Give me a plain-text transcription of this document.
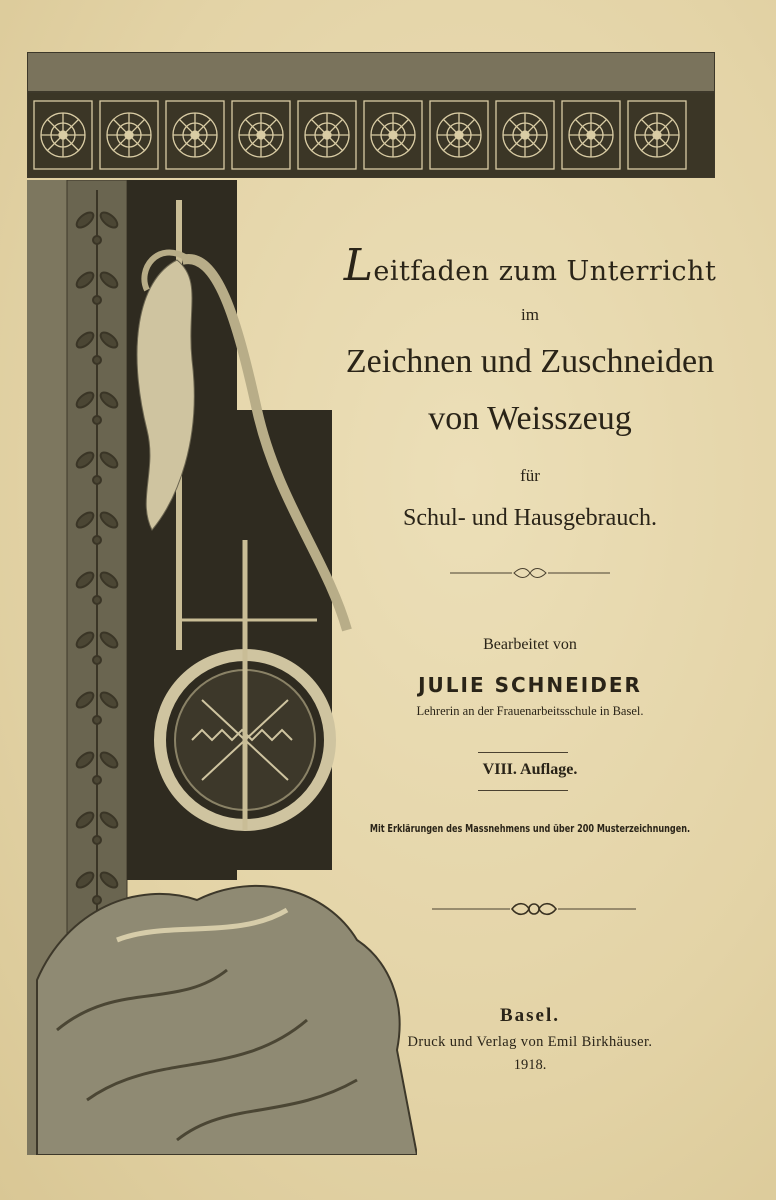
Leitfaden zum Unterricht
im
Zeichnen und Zuschneiden
von Weisszeug
für
Schul- und Hausgebrauch.
Bearbeitet von
JULIE SCHNEIDER
Lehrerin an der Frauenarbeitsschule in Basel.
VIII. Auflage.
Mit Erklärungen des Massnehmens und über 200 Musterzeichnungen.
Basel.
Druck und Verlag von Emil Birkhäuser.
1918.
